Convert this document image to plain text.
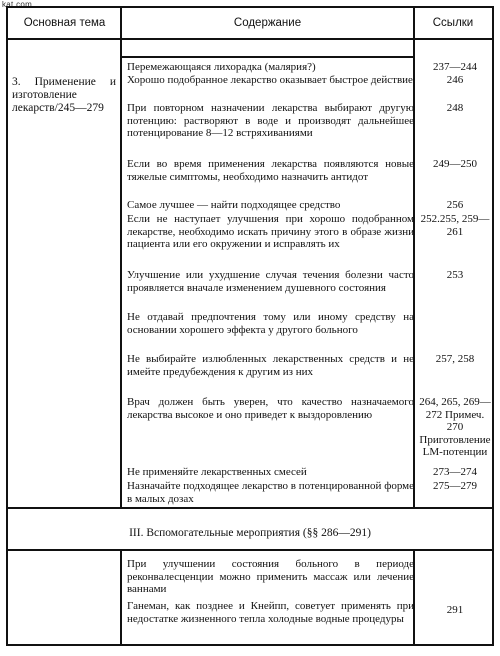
kat.com
Основная тема	Содержание	Ссылки
3. Применение и изготовление лекарств/245—279
Перемежающаяся лихорадка (малярия?)
Хорошо подобранное лекарство оказывает быстрое действие
При повторном назначении лекарства выбирают другую потенцию: растворяют в воде и производят дальнейшее потенцирование 8—12 встряхиваниями
Если во время применения лекарства появляются новые тяжелые симптомы, необходимо назначить антидот
Самое лучшее — найти подходящее средство
Если не наступает улучшения при хорошо подобранном лекарстве, необходимо искать причину этого в образе жизни пациента или его окружении и исправлять их
Улучшение или ухудшение случая течения болезни часто проявляется вначале изменением душевного состояния
Не отдавай предпочтения тому или иному средству на основании хорошего эффекта у другого больного
Не выбирайте излюбленных лекарственных средств и не имейте предубеждения к другим из них
Врач должен быть уверен, что качество назначаемого лекарства высокое и оно приведет к выздоровлению
Не применяйте лекарственных смесей
Назначайте подходящее лекарство в потенцированной форме в малых дозах
237—244
246
248
249—250
256
252.255, 259—261
253
257, 258
264, 265, 269—272 Примеч. 270 Приготовление LM-потенции
273—274
275—279
III. Вспомогательные мероприятия (§§ 286—291)
При улучшении состояния больного в периоде реконвалесценции можно применить массаж или лечение ваннами
Ганеман, как позднее и Кнейпп, советует применять при недостатке жизненного тепла холодные водные процедуры
291
